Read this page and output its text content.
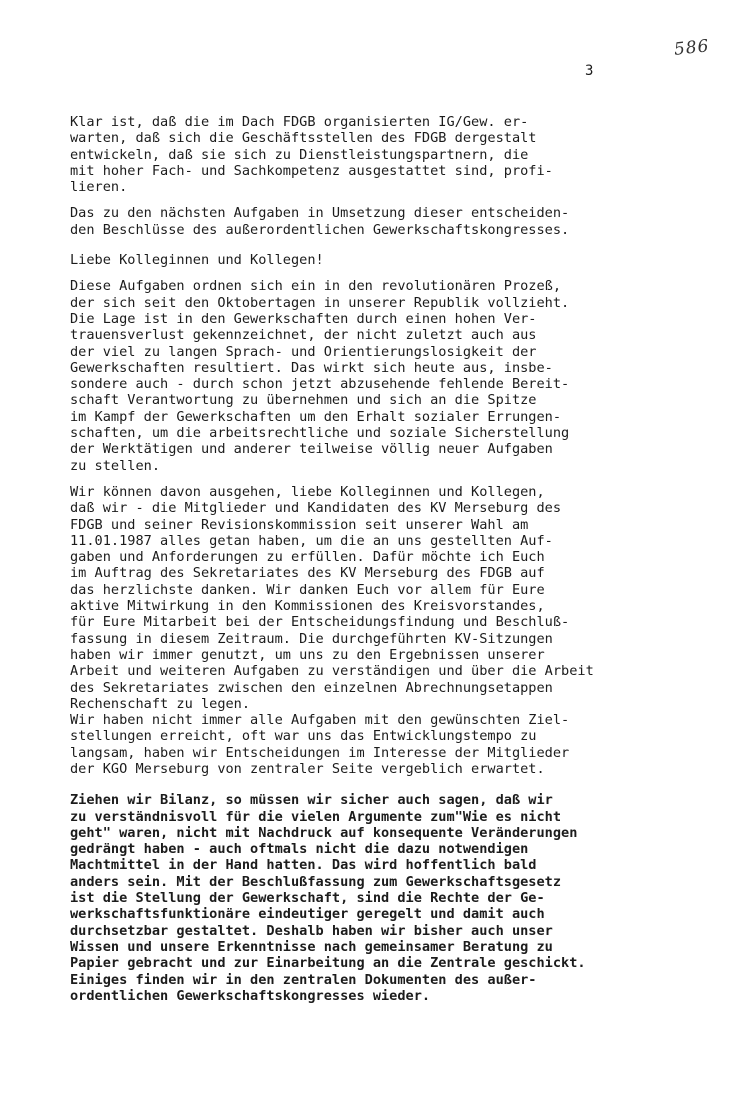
586
3

Klar ist, daß die im Dach FDGB organisierten IG/Gew. er-
warten, daß sich die Geschäftsstellen des FDGB dergestalt
entwickeln, daß sie sich zu Dienstleistungspartnern, die
mit hoher Fach- und Sachkompetenz ausgestattet sind, profi-
lieren.

Das zu den nächsten Aufgaben in Umsetzung dieser entscheiden-
den Beschlüsse des außerordentlichen Gewerkschaftskongresses.

Liebe Kolleginnen und Kollegen!

Diese Aufgaben ordnen sich ein in den revolutionären Prozeß,
der sich seit den Oktobertagen in unserer Republik vollzieht.
Die Lage ist in den Gewerkschaften durch einen hohen Ver-
trauensverlust gekennzeichnet, der nicht zuletzt auch aus
der viel zu langen Sprach- und Orientierungslosigkeit der
Gewerkschaften resultiert. Das wirkt sich heute aus, insbe-
sondere auch - durch schon jetzt abzusehende fehlende Bereit-
schaft Verantwortung zu übernehmen und sich an die Spitze
im Kampf der Gewerkschaften um den Erhalt sozialer Errungen-
schaften, um die arbeitsrechtliche und soziale Sicherstellung
der Werktätigen und anderer teilweise völlig neuer Aufgaben
zu stellen.

Wir können davon ausgehen, liebe Kolleginnen und Kollegen,
daß wir - die Mitglieder und Kandidaten des KV Merseburg des
FDGB und seiner Revisionskommission seit unserer Wahl am
11.01.1987 alles getan haben, um die an uns gestellten Auf-
gaben und Anforderungen zu erfüllen. Dafür möchte ich Euch
im Auftrag des Sekretariates des KV Merseburg des FDGB auf
das herzlichste danken. Wir danken Euch vor allem für Eure
aktive Mitwirkung in den Kommissionen des Kreisvorstandes,
für Eure Mitarbeit bei der Entscheidungsfindung und Beschluß-
fassung in diesem Zeitraum. Die durchgeführten KV-Sitzungen
haben wir immer genutzt, um uns zu den Ergebnissen unserer
Arbeit und weiteren Aufgaben zu verständigen und über die Arbeit
des Sekretariates zwischen den einzelnen Abrechnungsetappen
Rechenschaft zu legen.

Wir haben nicht immer alle Aufgaben mit den gewünschten Ziel-
stellungen erreicht, oft war uns das Entwicklungstempo zu
langsam, haben wir Entscheidungen im Interesse der Mitglieder
der KGO Merseburg von zentraler Seite vergeblich erwartet.

Ziehen wir Bilanz, so müssen wir sicher auch sagen, daß wir
zu verständnisvoll für die vielen Argumente zum"Wie es nicht
geht" waren, nicht mit Nachdruck auf konsequente Veränderungen
gedrängt haben - auch oftmals nicht die dazu notwendigen
Machtmittel in der Hand hatten. Das wird hoffentlich bald
anders sein. Mit der Beschlußfassung zum Gewerkschaftsgesetz
ist die Stellung der Gewerkschaft, sind die Rechte der Ge-
werkschaftsfunktionäre eindeutiger geregelt und damit auch
durchsetzbar gestaltet. Deshalb haben wir bisher auch unser
Wissen und unsere Erkenntnisse nach gemeinsamer Beratung zu
Papier gebracht und zur Einarbeitung an die Zentrale geschickt.
Einiges finden wir in den zentralen Dokumenten des außer-
ordentlichen Gewerkschaftskongresses wieder.
